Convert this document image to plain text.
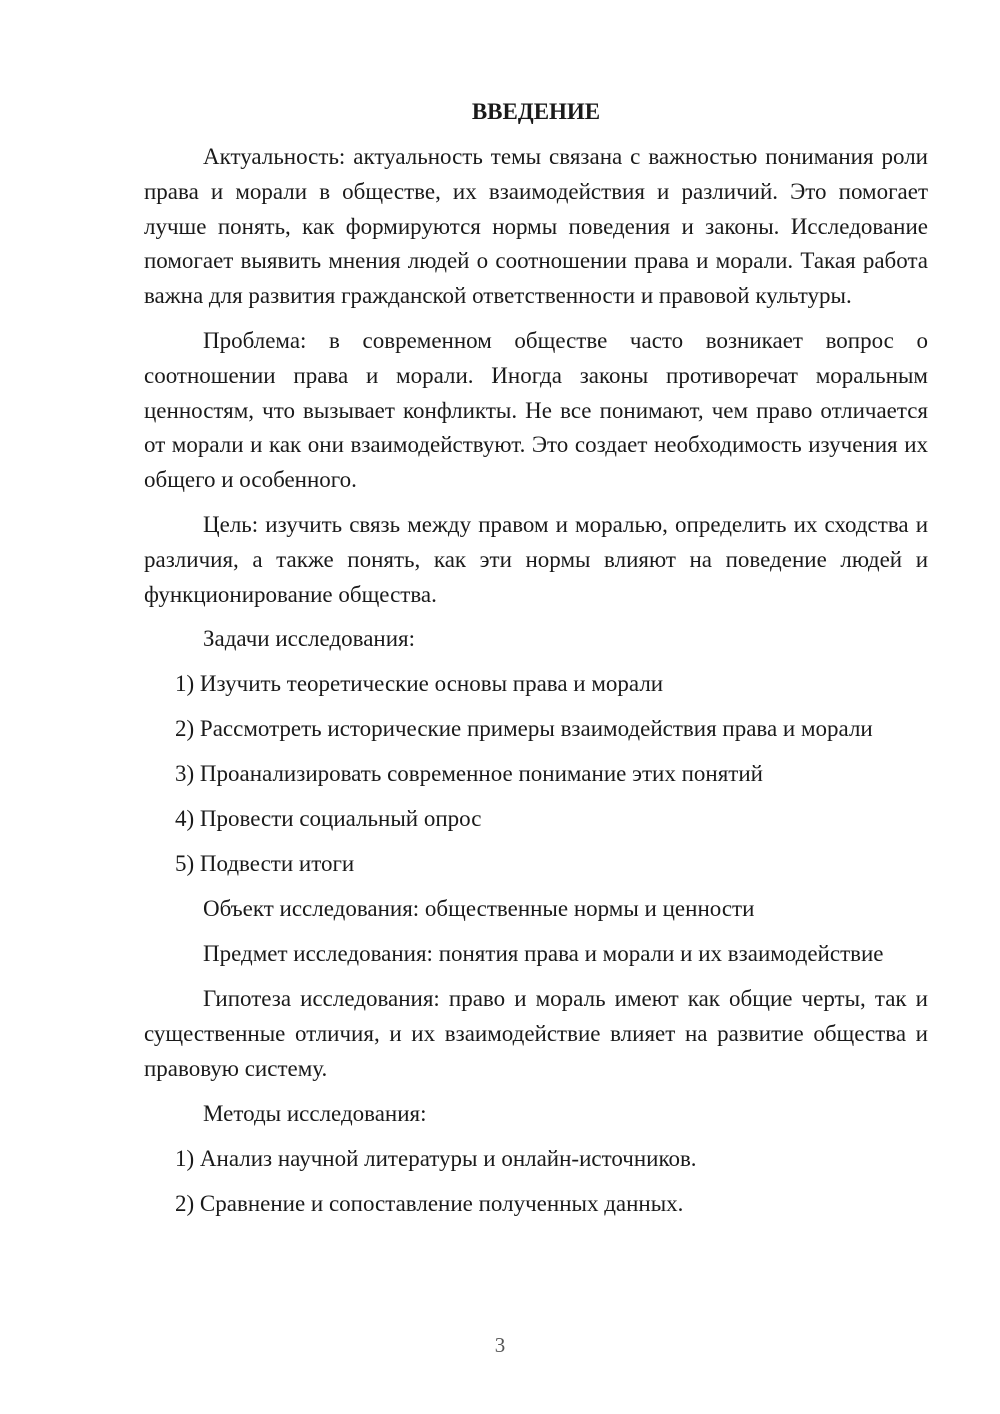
ВВЕДЕНИЕ

Актуальность: актуальность темы связана с важностью понимания роли права и морали в обществе, их взаимодействия и различий. Это помогает лучше понять, как формируются нормы поведения и законы. Исследование помогает выявить мнения людей о соотношении права и морали. Такая работа важна для развития гражданской ответственности и правовой культуры.

Проблема: в современном обществе часто возникает вопрос о соотношении права и морали. Иногда законы противоречат моральным ценностям, что вызывает конфликты. Не все понимают, чем право отличается от морали и как они взаимодействуют. Это создает необходимость изучения их общего и особенного.

Цель: изучить связь между правом и моралью, определить их сходства и различия, а также понять, как эти нормы влияют на поведение людей и функционирование общества.

Задачи исследования:

1) Изучить теоретические основы права и морали

2) Рассмотреть исторические примеры взаимодействия права и морали

3) Проанализировать современное понимание этих понятий

4) Провести социальный опрос

5) Подвести итоги

Объект исследования: общественные нормы и ценности

Предмет исследования: понятия права и морали и их взаимодействие

Гипотеза исследования: право и мораль имеют как общие черты, так и существенные отличия, и их взаимодействие влияет на развитие общества и правовую систему.

Методы исследования:

1) Анализ научной литературы и онлайн-источников.

2) Сравнение и сопоставление полученных данных.

3
